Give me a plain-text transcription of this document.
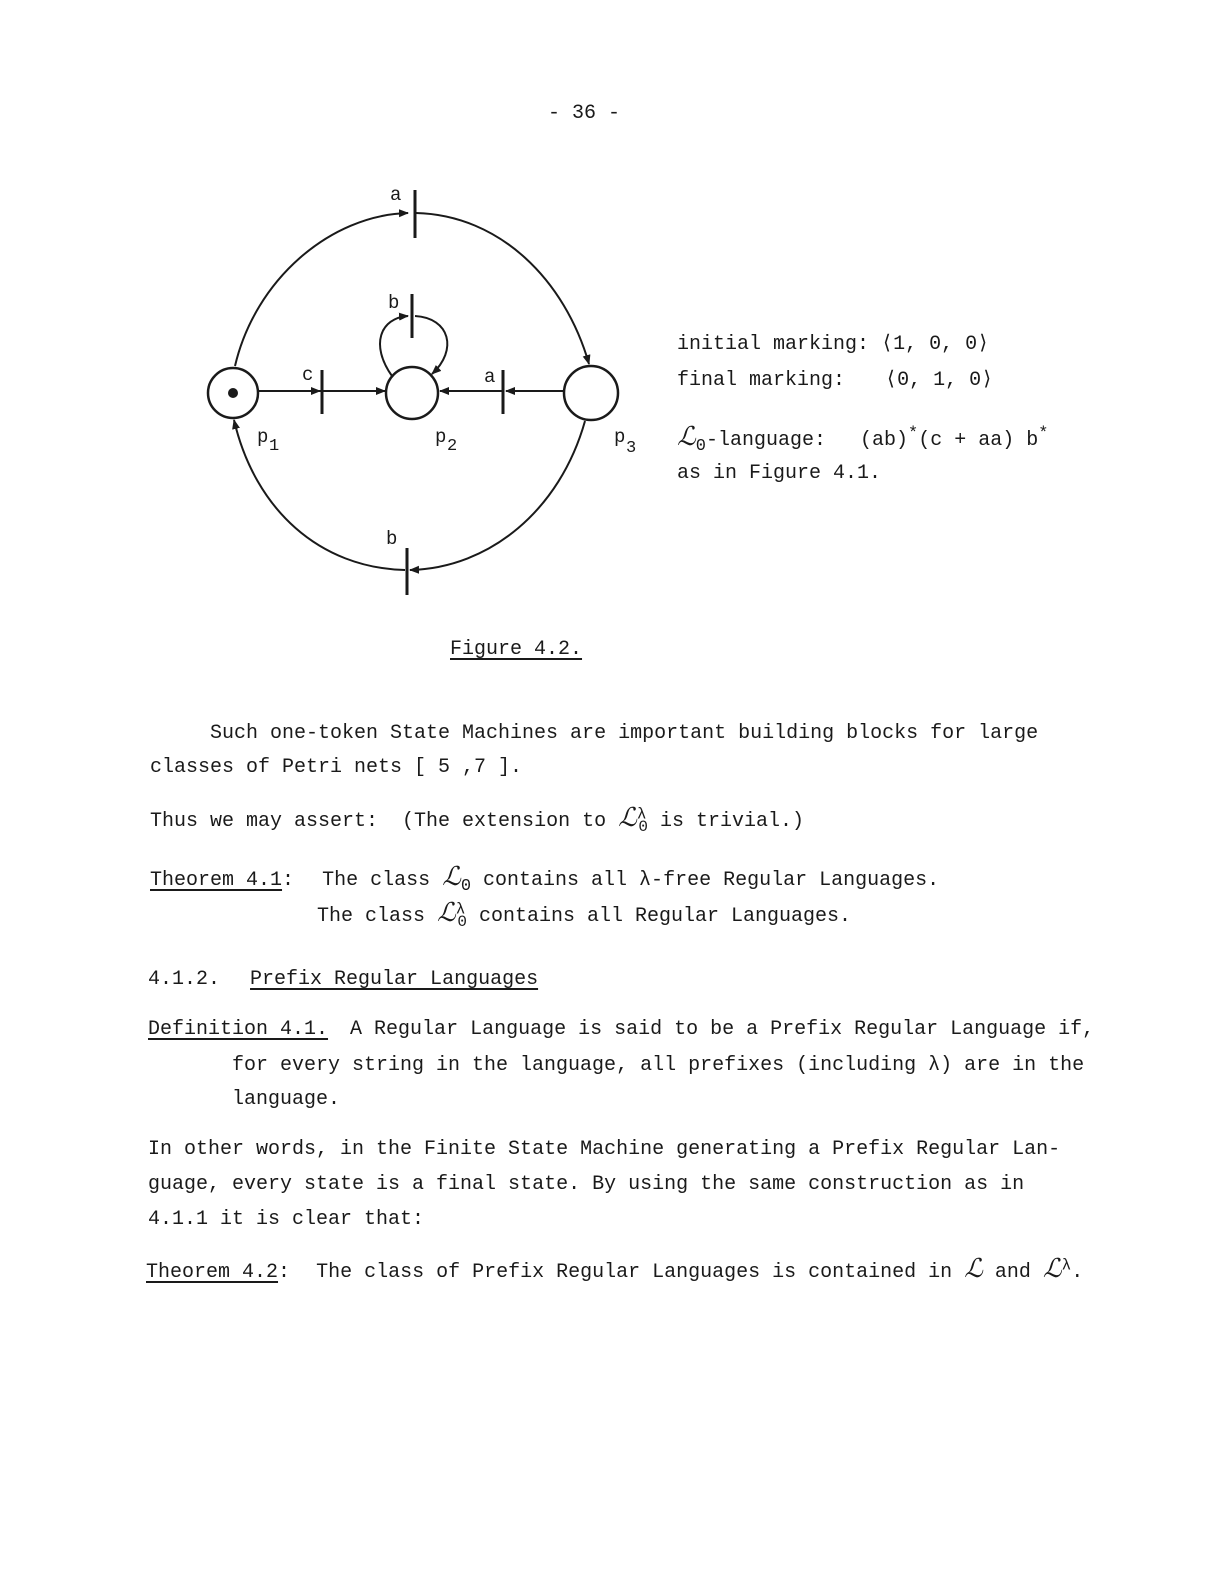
- 36 -
a
b
c	a
b
p 1	p 2	p
3
initial marking: ⟨1, 0, 0⟩
final marking: ⟨0, 1, 0⟩
ℒ$_0$-language: (ab)*(c + aa) b*
as in Figure 4.1.
Figure 4.2.
Such one-token State Machines are important building blocks for large
classes of Petri nets [ 5 ,7 ].
Thus we may assert:  (The extension to ℒ$^\lambda_0$ is trivial.)
Theorem 4.1: The class ℒ$_0$ contains all λ-free Regular Languages.
The class ℒ$^\lambda_0$ contains all Regular Languages.
4.1.2. Prefix Regular Languages
Definition 4.1. A Regular Language is said to be a Prefix Regular Language if,
for every string in the language, all prefixes (including λ) are in the
language.
In other words, in the Finite State Machine generating a Prefix Regular Lan-
guage, every state is a final state. By using the same construction as in
4.1.1 it is clear that:
Theorem 4.2: The class of Prefix Regular Languages is contained in ℒ and ℒ$^\lambda$.
